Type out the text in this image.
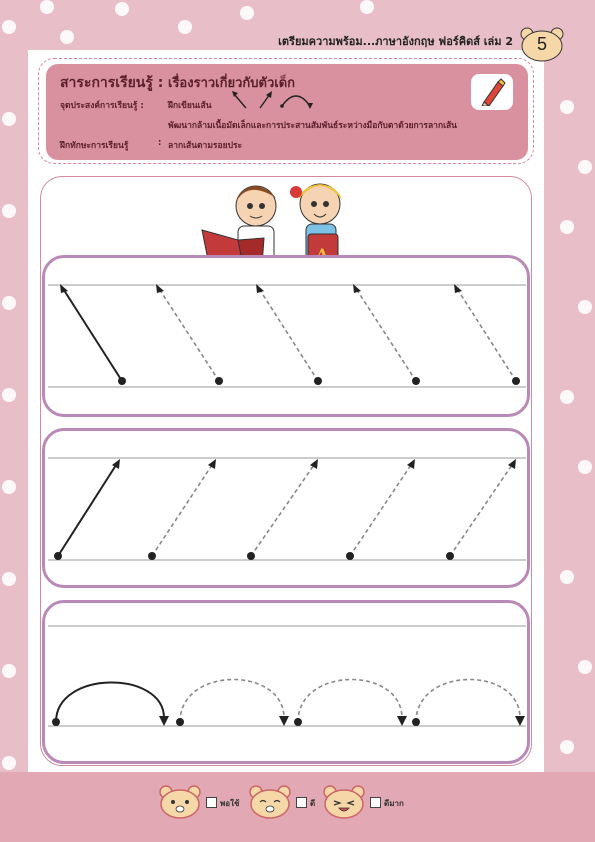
เตรียมความพร้อม...ภาษาอังกฤษ ฟอร์คิดส์ เล่ม 2	5
สาระการเรียนรู้ : เรื่องราวเกี่ยวกับตัวเด็ก
จุดประสงค์การเรียนรู้ :	ฝึกเขียนเส้น
พัฒนากล้ามเนื้อมัดเล็กและการประสานสัมพันธ์ระหว่างมือกับตาด้วยการลากเส้น
ฝึกทักษะการเรียนรู้	: ลากเส้นตามรอยประ
พอใช้	ดี	ดีมาก
